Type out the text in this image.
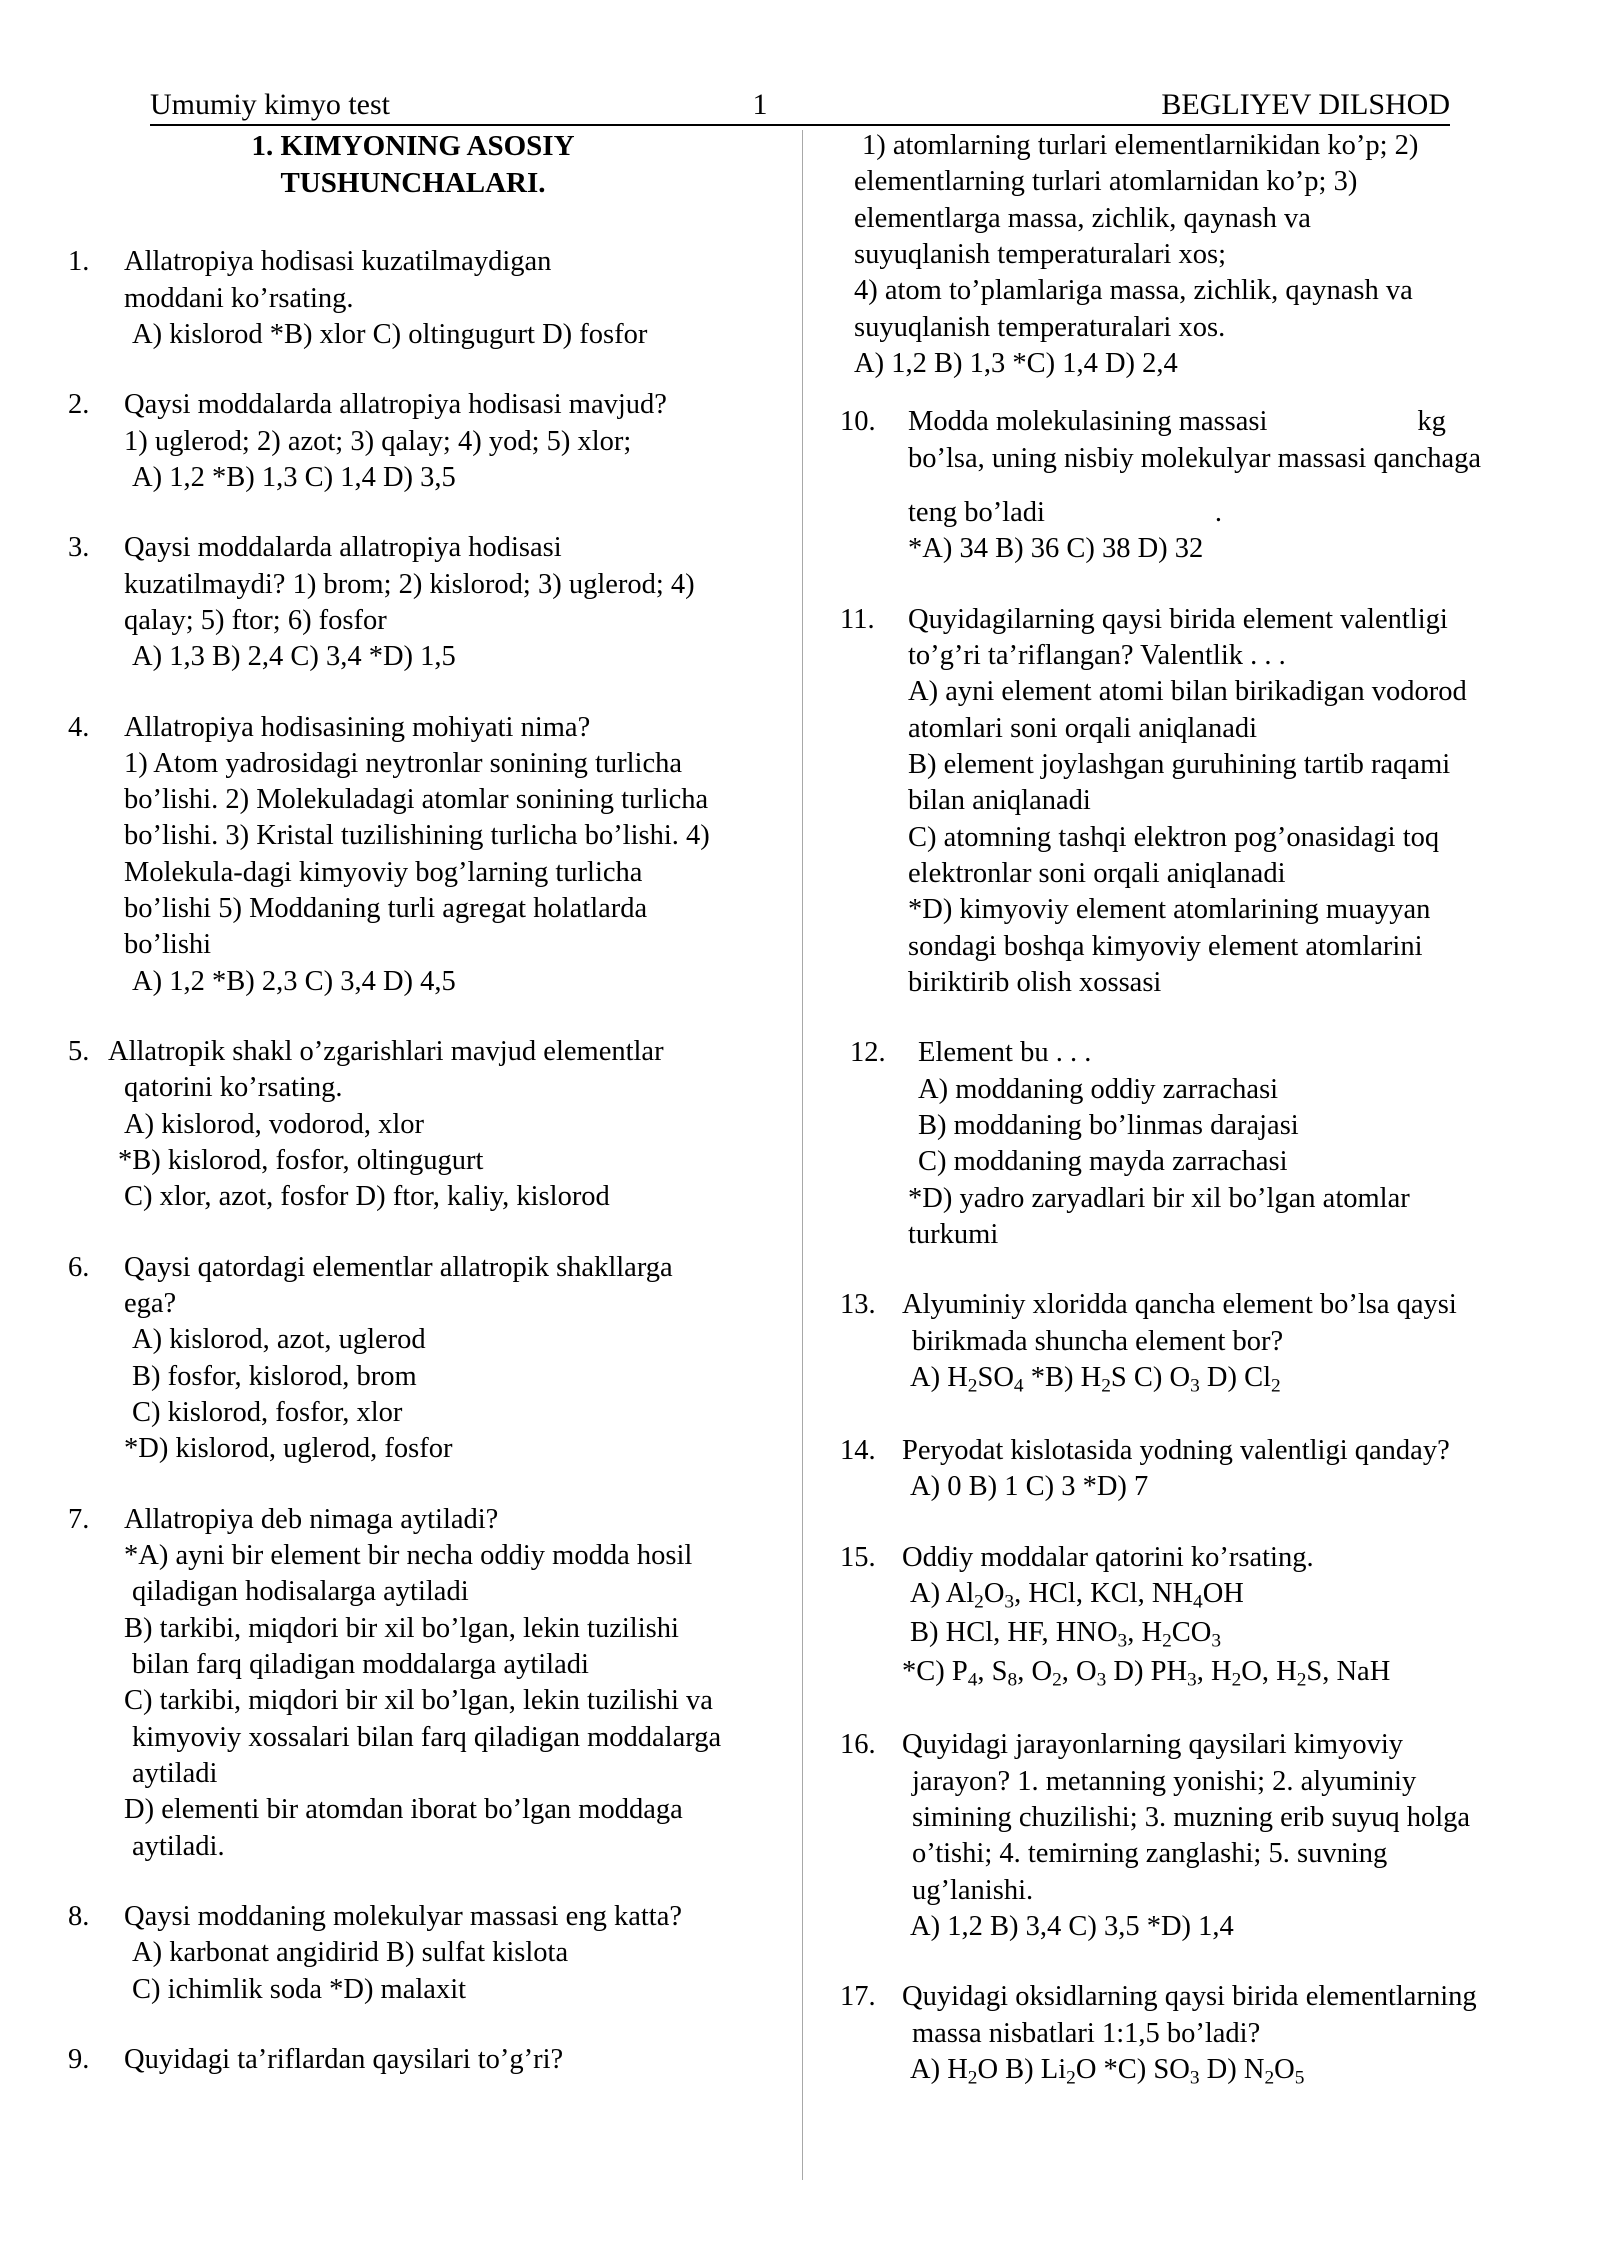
Umumiy kimyo test	1	BEGLIYEV DILSHOD
1. KIMYONING ASOSIY
TUSHUNCHALARI.
1.	Allatropiya hodisasi kuzatilmaydigan
moddani ko’rsating.
A) kislorod *B) xlor C) oltingugurt D) fosfor
2.	Qaysi moddalarda allatropiya hodisasi mavjud?
1) uglerod; 2) azot; 3) qalay; 4) yod; 5) xlor;
A) 1,2 *B) 1,3 C) 1,4 D) 3,5
3.	Qaysi moddalarda allatropiya hodisasi
kuzatilmaydi? 1) brom; 2) kislorod; 3) uglerod; 4)
qalay; 5) ftor; 6) fosfor
A) 1,3 B) 2,4 C) 3,4 *D) 1,5
4.	Allatropiya hodisasining mohiyati nima?
1) Atom yadrosidagi neytronlar sonining turlicha
bo’lishi. 2) Molekuladagi atomlar sonining turlicha
bo’lishi. 3) Kristal tuzilishining turlicha bo’lishi. 4)
Molekula-dagi kimyoviy bog’larning turlicha
bo’lishi 5) Moddaning turli agregat holatlarda
bo’lishi
A) 1,2 *B) 2,3 C) 3,4 D) 4,5
5. Allatropik shakl o’zgarishlari mavjud elementlar
qatorini ko’rsating.
A) kislorod, vodorod, xlor
*B) kislorod, fosfor, oltingugurt
C) xlor, azot, fosfor D) ftor, kaliy, kislorod
6.	Qaysi qatordagi elementlar allatropik shakllarga
ega?
A) kislorod, azot, uglerod
B) fosfor, kislorod, brom
C) kislorod, fosfor, xlor
*D) kislorod, uglerod, fosfor
7.	Allatropiya deb nimaga aytiladi?
*A) ayni bir element bir necha oddiy modda hosil
qiladigan hodisalarga aytiladi
B) tarkibi, miqdori bir xil bo’lgan, lekin tuzilishi
bilan farq qiladigan moddalarga aytiladi
C) tarkibi, miqdori bir xil bo’lgan, lekin tuzilishi va
kimyoviy xossalari bilan farq qiladigan moddalarga
aytiladi
D) elementi bir atomdan iborat bo’lgan moddaga
aytiladi.
8.	Qaysi moddaning molekulyar massasi eng katta?
A) karbonat angidirid B) sulfat kislota
C) ichimlik soda *D) malaxit
9.	Quyidagi ta’riflardan qaysilari to’g’ri?
1) atomlarning turlari elementlarnikidan ko’p; 2)
elementlarning turlari atomlarnidan ko’p; 3)
elementlarga massa, zichlik, qaynash va
suyuqlanish temperaturalari xos;
4) atom to’plamlariga massa, zichlik, qaynash va
suyuqlanish temperaturalari xos.
A) 1,2 B) 1,3 *C) 1,4 D) 2,4
10.	Modda molekulasining massasi	kg
bo’lsa, uning nisbiy molekulyar massasi qanchaga
teng bo’ladi	.
*A) 34 B) 36 C) 38 D) 32
11.	Quyidagilarning qaysi birida element valentligi
to’g’ri ta’riflangan? Valentlik . . .
A) ayni element atomi bilan birikadigan vodorod
atomlari soni orqali aniqlanadi
B) element joylashgan guruhining tartib raqami
bilan aniqlanadi
C) atomning tashqi elektron pog’onasidagi toq
elektronlar soni orqali aniqlanadi
*D) kimyoviy element atomlarining muayyan
sondagi boshqa kimyoviy element atomlarini
biriktirib olish xossasi
12.	Element bu . . .
A) moddaning oddiy zarrachasi
B) moddaning bo’linmas darajasi
C) moddaning mayda zarrachasi
*D) yadro zaryadlari bir xil bo’lgan atomlar
turkumi
13. Alyuminiy xloridda qancha element bo’lsa qaysi
birikmada shuncha element bor?
A) $H_2SO_4$ *B) $H_2S$ C) $O_3$ D) $Cl_2$
14. Peryodat kislotasida yodning valentligi qanday?
A) 0 B) 1 C) 3 *D) 7
15. Oddiy moddalar qatorini ko’rsating.
A) $Al_2O_3$, HCl, KCl, $NH_4OH$
B) HCl, HF, $HNO_3$, $H_2CO_3$
*C) $P_4$, $S_8$, $O_2$, $O_3$ D) $PH_3$, $H_2O$, $H_2S$, NaH
16. Quyidagi jarayonlarning qaysilari kimyoviy
jarayon? 1. metanning yonishi; 2. alyuminiy
simining chuzilishi; 3. muzning erib suyuq holga
o’tishi; 4. temirning zanglashi; 5. suvning
ug’lanishi.
A) 1,2 B) 3,4 C) 3,5 *D) 1,4
17. Quyidagi oksidlarning qaysi birida elementlarning
massa nisbatlari 1:1,5 bo’ladi?
A) $H_2O$ B) $Li_2O$ *C) $SO_3$ D) $N_2O_5$
